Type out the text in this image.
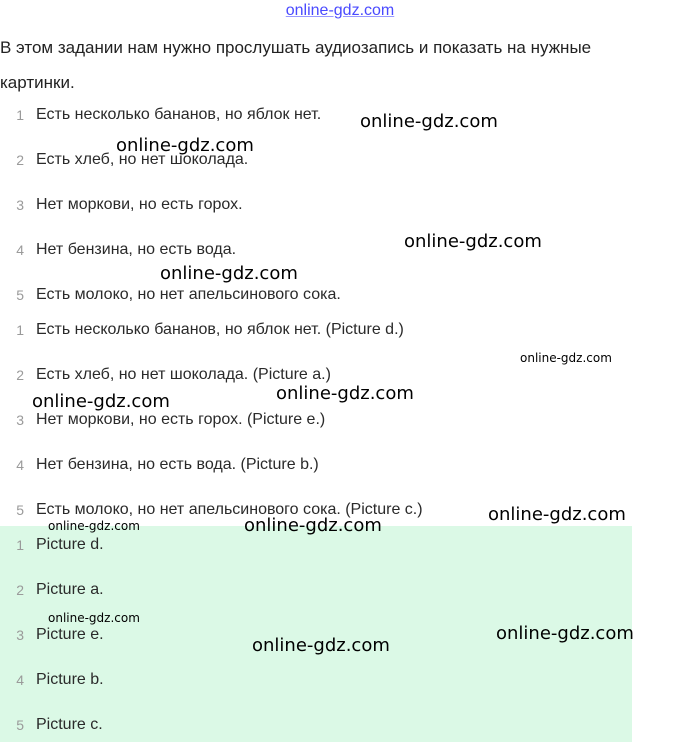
online-gdz.com
В этом задании нам нужно прослушать аудиозапись и показать на нужные картинки.
1 Есть несколько бананов, но яблок нет.
2 Есть хлеб, но нет шоколада.
3 Нет моркови, но есть горох.
4 Нет бензина, но есть вода.
5 Есть молоко, но нет апельсинового сока.
1 Есть несколько бананов, но яблок нет. (Picture d.)
2 Есть хлеб, но нет шоколада. (Picture a.)
3 Нет моркови, но есть горох. (Picture e.)
4 Нет бензина, но есть вода. (Picture b.)
5 Есть молоко, но нет апельсинового сока. (Picture c.)
1 Picture d.
2 Picture a.
3 Picture e.
4 Picture b.
5 Picture c.
online-gdz.com
online-gdz.com
online-gdz.com
online-gdz.com
online-gdz.com
online-gdz.com
online-gdz.com
online-gdz.com
online-gdz.com	online-gdz.com
online-gdz.com
online-gdz.com
online-gdz.com
